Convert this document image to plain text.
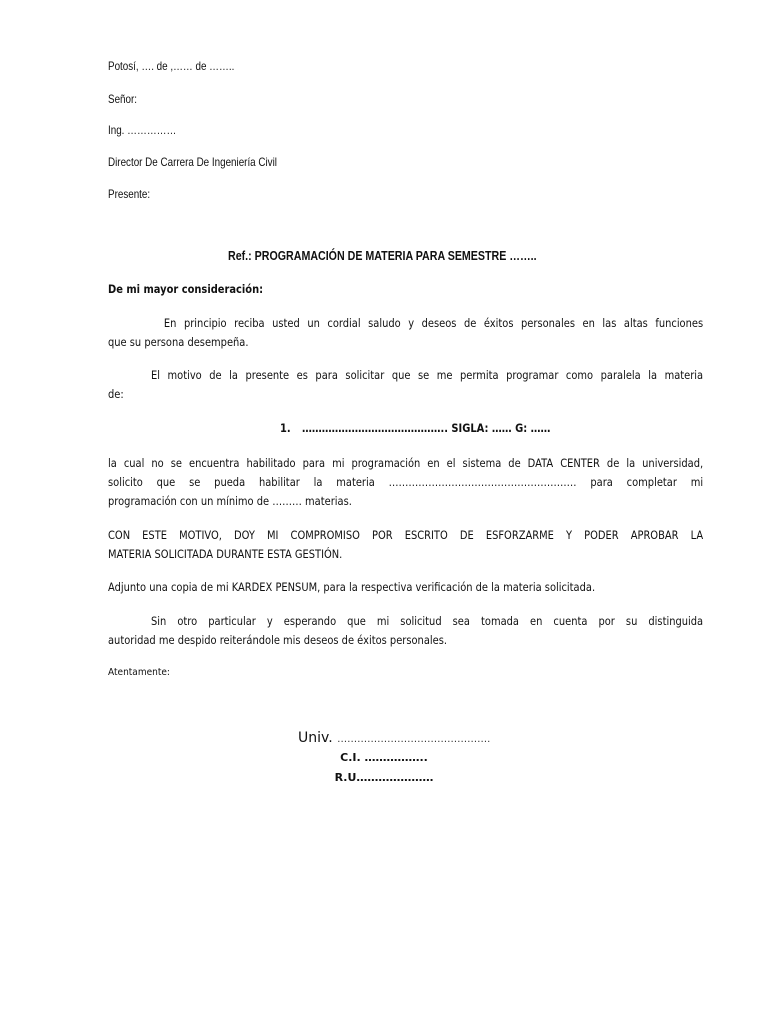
Potosí, …. de ,…… de ……..
Señor:
Ing. ……………
Director De Carrera De Ingeniería Civil
Presente:
Ref.: PROGRAMACIÓN DE MATERIA PARA SEMESTRE ……..
De mi mayor consideración:
En principio reciba usted un cordial saludo y deseos de éxitos personales en las altas funciones
que su persona desempeña.
El motivo de la presente es para solicitar que se me permita programar como paralela la materia
de:
1. …………………………………….. SIGLA: …… G: ……
la cual no se encuentra habilitado para mi programación en el sistema de DATA CENTER de la universidad,
solicito que se pueda habilitar la materia ………………………………………………… para completar mi
programación con un mínimo de ……… materias.
CON ESTE MOTIVO, DOY MI COMPROMISO POR ESCRITO DE ESFORZARME Y PODER APROBAR LA
MATERIA SOLICITADA DURANTE ESTA GESTIÓN.
Adjunto una copia de mi KARDEX PENSUM, para la respectiva verificación de la materia solicitada.
Sin otro particular y esperando que mi solicitud sea tomada en cuenta por su distinguida
autoridad me despido reiterándole mis deseos de éxitos personales.
Atentamente:
Univ. ……………………………………….
C.I. ……………..
R.U…………………
